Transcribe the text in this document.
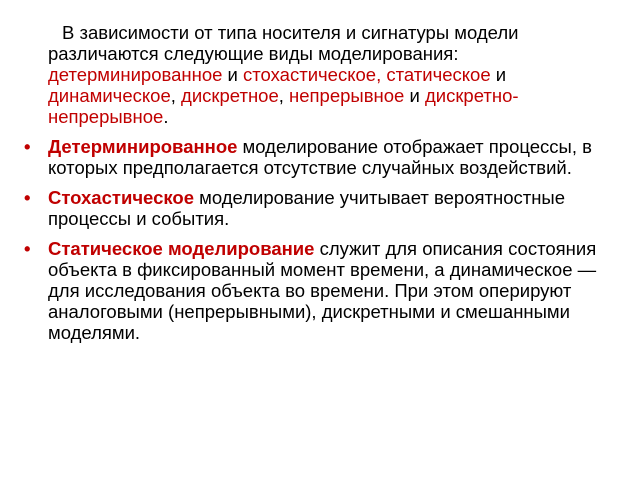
В зависимости от типа носителя и сигнатуры модели различаются следующие виды моделирования: детерминированное и стохастическое, статическое и динамическое, дискретное, непрерывное и дискретно-непрерывное.

• Детерминированное моделирование отображает процессы, в которых предполагается отсутствие случайных воздействий.

• Стохастическое моделирование учитывает вероятностные процессы и события.

• Статическое моделирование служит для описания состояния объекта в фиксированный момент времени, а динамическое — для исследования объекта во времени. При этом оперируют аналоговыми (непрерывными), дискретными и смешанными моделями.
